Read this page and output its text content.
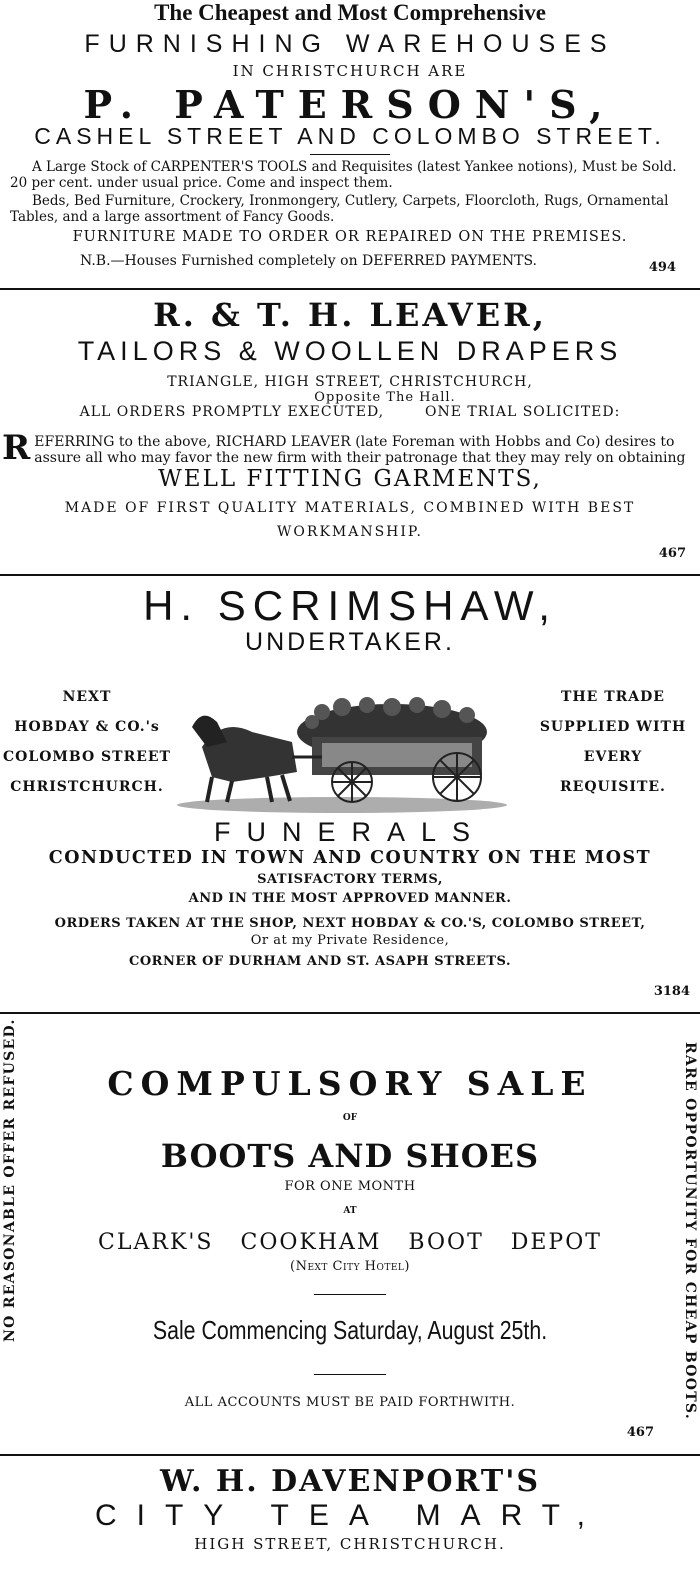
The Cheapest and Most Comprehensive
FURNISHING WAREHOUSES
IN CHRISTCHURCH ARE
P. PATERSON'S,
CASHEL STREET AND COLOMBO STREET.

A Large Stock of CARPENTER'S TOOLS and Requisites (latest Yankee notions), Must be Sold. 20 per cent. under usual price. Come and inspect them.

Beds, Bed Furniture, Crockery, Ironmongery, Cutlery, Carpets, Floorcloth, Rugs, Ornamental Tables, and a large assortment of Fancy Goods.

FURNITURE MADE TO ORDER OR REPAIRED ON THE PREMISES.
N.B.—Houses Furnished completely on DEFERRED PAYMENTS.	494
R. & T. H. LEAVER,
TAILORS & WOOLLEN DRAPERS
TRIANGLE, HIGH STREET, CHRISTCHURCH,
Opposite The Hall.
ALL ORDERS PROMPTLY EXECUTED,	ONE TRIAL SOLICITED:
REFERRING to the above, RICHARD LEAVER (late Foreman with Hobbs and Co) desires to assure all who may favor the new firm with their patronage that they may rely on obtaining
WELL FITTING GARMENTS,
MADE OF FIRST QUALITY MATERIALS, COMBINED WITH BEST
WORKMANSHIP.
467
H. SCRIMSHAW,
UNDERTAKER.
NEXT
HOBDAY & CO.'s
COLOMBO STREET
CHRISTCHURCH.
THE TRADE
SUPPLIED WITH
EVERY
REQUISITE.
FUNERALS
CONDUCTED IN TOWN AND COUNTRY ON THE MOST
SATISFACTORY TERMS,
AND IN THE MOST APPROVED MANNER.
ORDERS TAKEN AT THE SHOP, NEXT HOBDAY & CO.'S, COLOMBO STREET,
Or at my Private Residence,
CORNER OF DURHAM AND ST. ASAPH STREETS.
3184
NO REASONABLE OFFER REFUSED.	RARE OPPORTUNITY FOR CHEAP BOOTS.
COMPULSORY SALE
OF
BOOTS AND SHOES
FOR ONE MONTH
AT
CLARK'S COOKHAM BOOT DEPOT
(Next City Hotel)
Sale Commencing Saturday, August 25th.
ALL ACCOUNTS MUST BE PAID FORTHWITH.
467
W. H. DAVENPORT'S
CITY TEA MART,
HIGH STREET, CHRISTCHURCH.
